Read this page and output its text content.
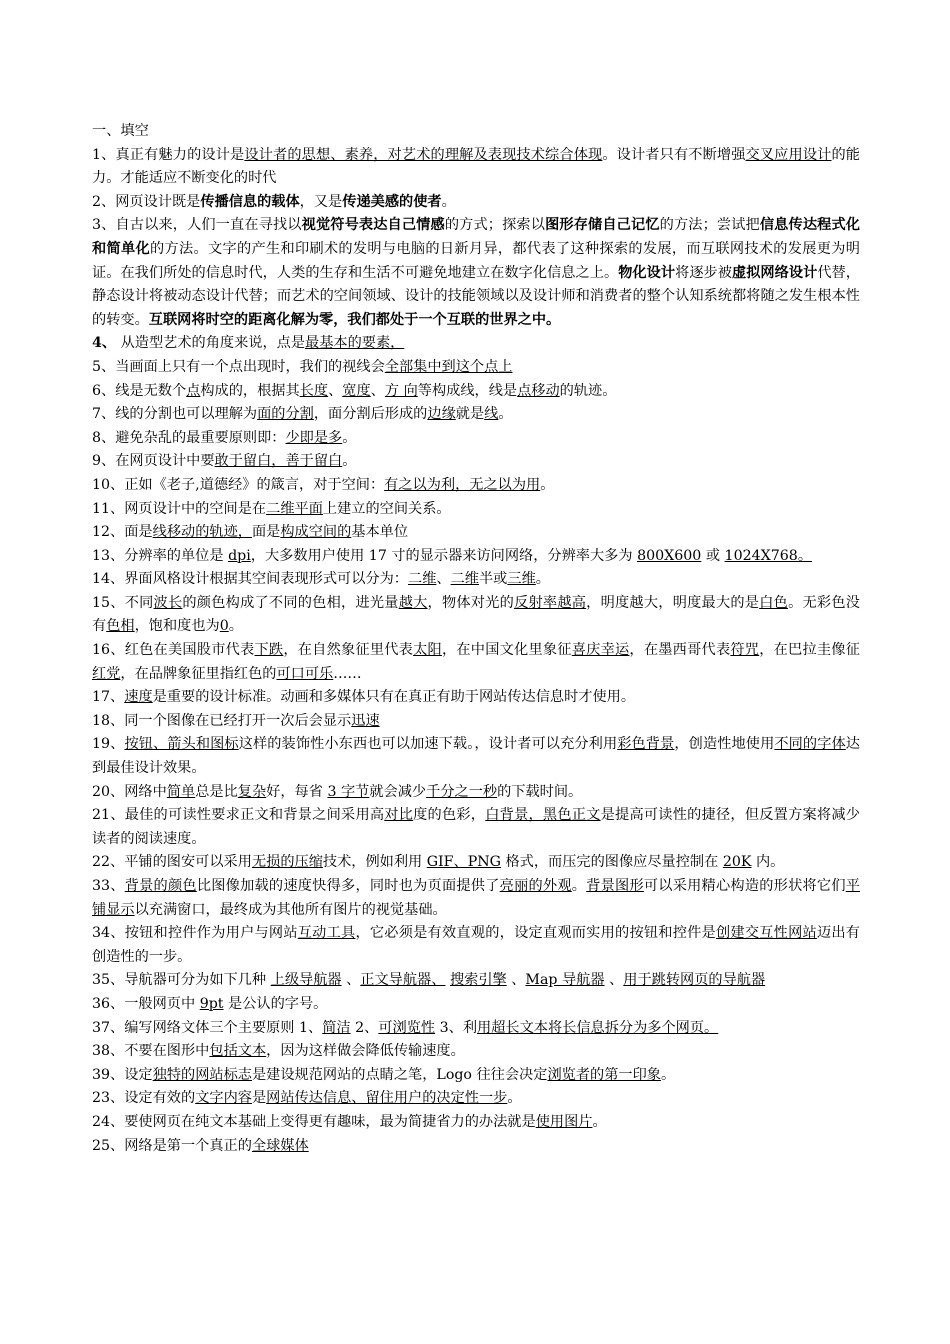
一、填空

1、真正有魅力的设计是设计者的思想、素养，对艺术的理解及表现技术综合体现。设计者只有不断增强交叉应用设计的能力。才能适应不断变化的时代

2、网页设计既是传播信息的载体，又是传递美感的使者。

3、自古以来，人们一直在寻找以视觉符号表达自己情感的方式；探索以图形存储自己记忆的方法；尝试把信息传达程式化和简单化的方法。文字的产生和印刷术的发明与电脑的日新月异，都代表了这种探索的发展，而互联网技术的发展更为明证。在我们所处的信息时代，人类的生存和生活不可避免地建立在数字化信息之上。物化设计将逐步被虚拟网络设计代替，静态设计将被动态设计代替；而艺术的空间领域、设计的技能领域以及设计师和消费者的整个认知系统都将随之发生根本性的转变。互联网将时空的距离化解为零，我们都处于一个互联的世界之中。

4、 从造型艺术的角度来说，点是最基本的要素，

5、当画面上只有一个点出现时，我们的视线会全部集中到这个点上

6、线是无数个点构成的，根据其长度、宽度、方 向等构成线，线是点移动的轨迹。

7、线的分割也可以理解为面的分割，面分割后形成的边缘就是线。

8、避免杂乱的最重要原则即：少即是多。

9、在网页设计中要敢于留白，善于留白。

10、正如《老子,道德经》的箴言，对于空间：有之以为利，无之以为用。

11、网页设计中的空间是在二维平面上建立的空间关系。

12、面是线移动的轨迹，面是构成空间的基本单位

13、分辨率的单位是 dpi，大多数用户使用 17 寸的显示器来访问网络，分辨率大多为 800X600 或 1024X768。

14、界面风格设计根据其空间表现形式可以分为：二维、二维半或三维。

15、不同波长的颜色构成了不同的色相，进光量越大，物体对光的反射率越高，明度越大，明度最大的是白色。无彩色没有色相，饱和度也为0。

16、红色在美国股市代表下跌，在自然象征里代表太阳，在中国文化里象征喜庆幸运，在墨西哥代表符咒，在巴拉圭像征红党，在品牌象征里指红色的可口可乐……

17、速度是重要的设计标准。动画和多媒体只有在真正有助于网站传达信息时才使用。

18、同一个图像在已经打开一次后会显示迅速

19、按钮、箭头和图标这样的装饰性小东西也可以加速下载。，设计者可以充分利用彩色背景，创造性地使用不同的字体达到最佳设计效果。

20、网络中简单总是比复杂好，每省 3 字节就会减少千分之一秒的下载时间。

21、最佳的可读性要求正文和背景之间采用高对比度的色彩，白背景，黑色正文是提高可读性的捷径，但反置方案将减少读者的阅读速度。

22、平铺的图安可以采用无损的压缩技术，例如利用 GIF、PNG 格式，而压完的图像应尽量控制在 20K 内。

33、背景的颜色比图像加载的速度快得多，同时也为页面提供了亮丽的外观。背景图形可以采用精心构造的形状将它们平铺显示以充满窗口，最终成为其他所有图片的视觉基础。

34、按钮和控件作为用户与网站互动工具，它必须是有效直观的，设定直观而实用的按钮和控件是创建交互性网站迈出有创造性的一步。

35、导航器可分为如下几种 上级导航器 、正文导航器、 搜索引擎 、Map 导航器 、用于跳转网页的导航器

36、一般网页中 9pt 是公认的字号。

37、编写网络文体三个主要原则 1、简洁 2、可浏览性 3、利用超长文本将长信息拆分为多个网页。

38、不要在图形中包括文本，因为这样做会降低传输速度。

39、设定独特的网站标志是建设规范网站的点睛之笔，Logo 往往会决定浏览者的第一印象。

23、设定有效的文字内容是网站传达信息、留住用户的决定性一步。

24、要使网页在纯文本基础上变得更有趣味，最为简捷省力的办法就是使用图片。

25、网络是第一个真正的全球媒体
